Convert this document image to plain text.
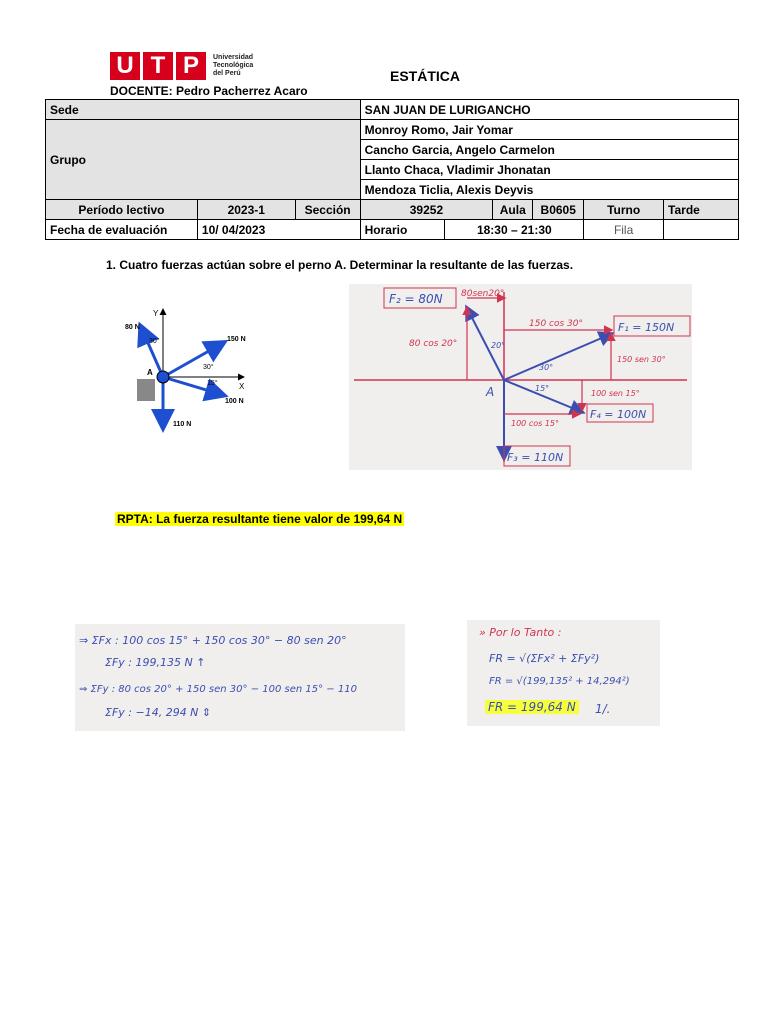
U T P	Universidad
Tecnológica
del Perú	ESTÁTICA
DOCENTE: Pedro Pacherrez Acaro
Sede			SAN JUAN DE LURIGANCHO					
Grupo			Monroy Romo, Jair Yomar					
			Cancho Garcia, Angelo Carmelon					
			Llanto Chaca, Vladimir Jhonatan					
			Mendoza Ticlia, Alexis Deyvis					
Período lectivo	2023-1	Sección	39252		Aula	B0605	Turno	Tarde
Fecha de evaluación	10/ 04/2023		Horario	18:30 – 21:30			Fila	
1. Cuatro fuerzas actúan sobre el perno A. Determinar la resultante de las fuerzas.
Y
X
A
80 N
150 N
100 N
110 N
30°
30°
15°
F₂ = 80N
F₁ = 150N
F₄ = 100N
F₃ = 110N
80sen20°
80 cos 20°
150 cos 30°
150 sen 30°
100 sen 15°
100 cos 15°
20°
30°
15°
A
RPTA: La fuerza resultante tiene valor de 199,64 N
⇒ ΣFx : 100 cos 15° + 150 cos 30° − 80 sen 20°
ΣFy : 199,135 N ↑
⇒ ΣFy : 80 cos 20° + 150 sen 30° − 100 sen 15° − 110
ΣFy : −14, 294 N ⇕
» Por lo Tanto :
FR = √(ΣFx² + ΣFy²)
FR = √(199,135² + 14,294²)
FR = 199,64 N 1/.
